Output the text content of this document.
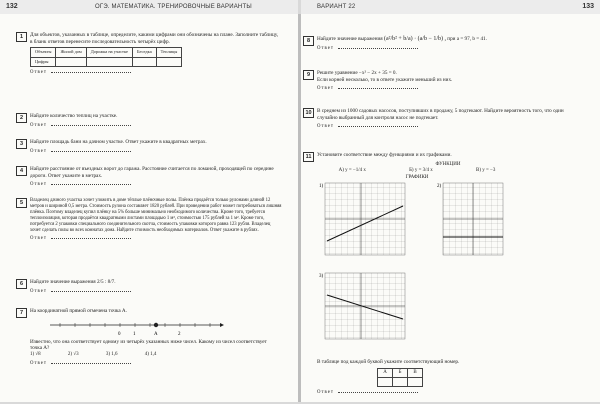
132	ОГЭ. МАТЕМАТИКА. ТРЕНИРОВОЧНЫЕ ВАРИАНТЫ	ВАРИАНТ 22	133
1	Для объектов, указанных в таблице, определите, какими цифрами они обозначены на плане. Заполните таблицу, в бланк ответов перенесите последовательность четырёх цифр.
Объекты	Жилой дом	Дорожка на участке	Беседка	Теплицы
Цифры				
Ответ
2	Найдите количество теплиц на участке.
Ответ
3	Найдите площадь бани на дачном участке. Ответ укажите в квадратных метрах.
Ответ
4	Найдите расстояние от въездных ворот до гаража. Расстояние считается по ломаной, проходящей по середине дороги. Ответ укажите в метрах.
Ответ
5	Владелец дачного участка хочет уложить в доме тёплые плёночные полы. Плёнка продаётся только рулонами длиной 12 метров и шириной 0,5 метра. Стоимость рулона составляет 1820 рублей. При проведении работ может потребоваться лишняя плёнка. Поэтому владелец купил плёнку на 5% больше минимально необходимого количества. Кроме того, требуется теплоизоляция, которая продаётся квадратными листами площадью 1 м², стоимостью 175 рублей за 1 м². Кроме того, потребуется 2 упаковки специального соединительного скотча, стоимость упаковки которого равна 123 рубля. Владелец хочет сделать полы во всех комнатах дома. Найдите стоимость необходимых материалов. Ответ укажите в рублях.
Ответ
6	Найдите значение выражения 2/5 : 8/7.
Ответ
7	На координатной прямой отмечена точка A.
0	1	A	2
Известно, что она соответствует одному из четырёх указанных ниже чисел. Какому из чисел соответствует точка A?
1) √8	2) √3	3) 1,6	4) 1,4
Ответ
8	Найдите значение выражения (a²/b² + b/a) · (a/b − 1/b) , при a = 97, b = 41.
Ответ
9	Решите уравнение −x² − 2x + 35 = 0.
Если корней несколько, то в ответе укажите меньший из них.
Ответ
10	В среднем из 1000 садовых насосов, поступивших в продажу, 5 подтекают. Найдите вероятность того, что один случайно выбранный для контроля насос не подтекает.
Ответ
11	Установите соответствие между функциями и их графиками.
ФУНКЦИИ
А) y = −1/4 x	Б) y = 3/4 x	В) y = −3
ГРАФИКИ
1)	2)
3)
В таблице под каждой буквой укажите соответствующий номер.
А	Б	В

Ответ
